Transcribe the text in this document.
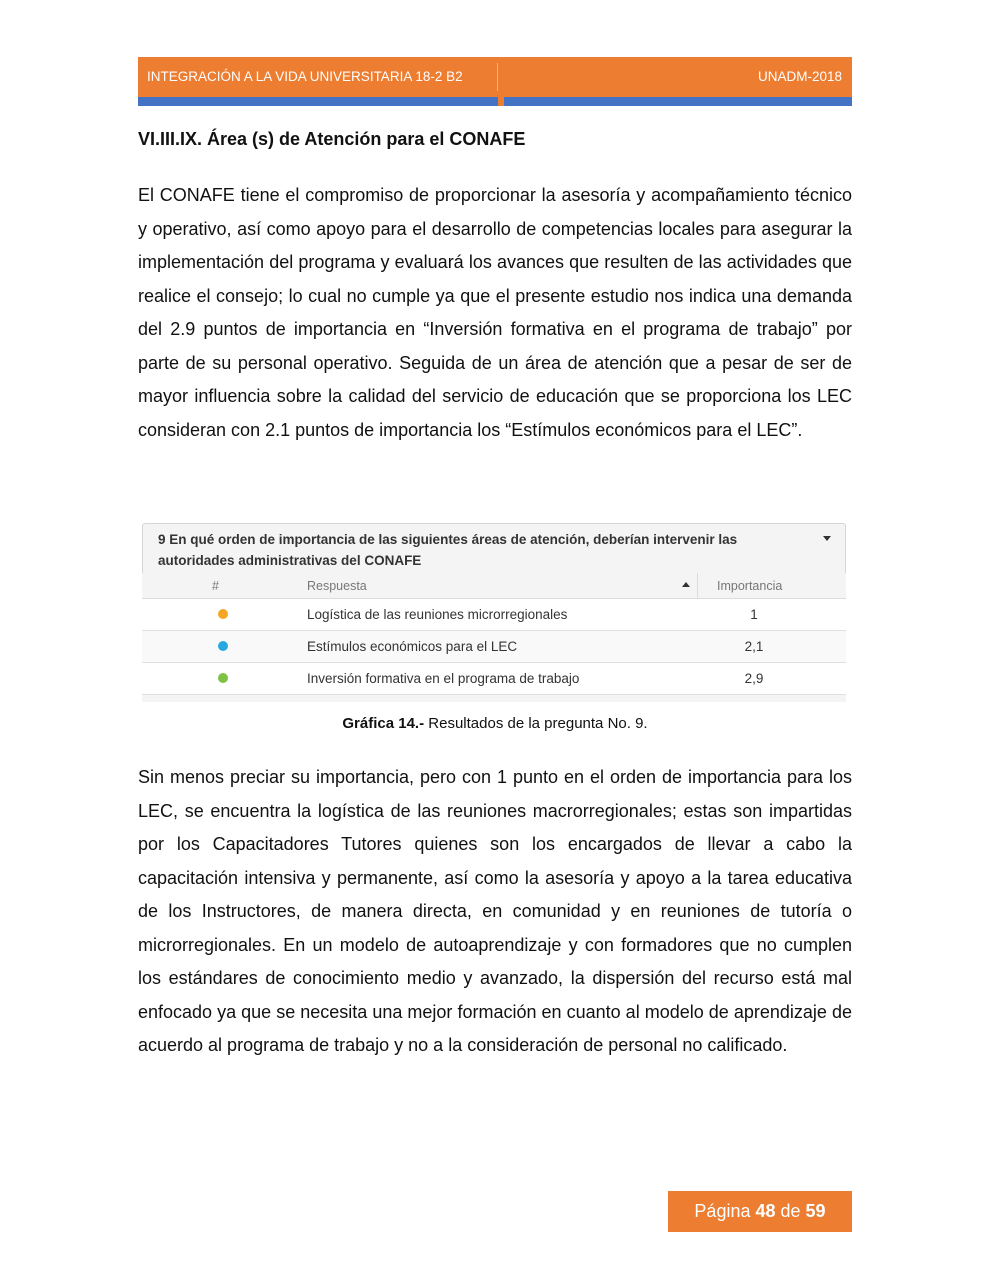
INTEGRACIÓN A LA VIDA UNIVERSITARIA 18-2 B2	UNADM-2018
VI.III.IX. Área (s) de Atención para el CONAFE

El CONAFE tiene el compromiso de proporcionar la asesoría y acompañamiento técnico y operativo, así como apoyo para el desarrollo de competencias locales para asegurar la implementación del programa y evaluará los avances que resulten de las actividades que realice el consejo; lo cual no cumple ya que el presente estudio nos indica una demanda del 2.9 puntos de importancia en “Inversión formativa en el programa de trabajo” por parte de su personal operativo. Seguida de un área de atención que a pesar de ser de mayor influencia sobre la calidad del servicio de educación que se proporciona los LEC consideran con 2.1 puntos de importancia los “Estímulos económicos para el LEC”.

9 En qué orden de importancia de las siguientes áreas de atención, deberían intervenir las autoridades administrativas del CONAFE
#	Respuesta	Importancia
Logística de las reuniones microrregionales	1
Estímulos económicos para el LEC	2,1
Inversión formativa en el programa de trabajo	2,9

Gráfica 14.- Resultados de la pregunta No. 9.

Sin menos preciar su importancia, pero con 1 punto en el orden de importancia para los LEC, se encuentra la logística de las reuniones macrorregionales; estas son impartidas por los Capacitadores Tutores quienes son los encargados de llevar a cabo la capacitación intensiva y permanente, así como la asesoría y apoyo a la tarea educativa de los Instructores, de manera directa, en comunidad y en reuniones de tutoría o microrregionales. En un modelo de autoaprendizaje y con formadores que no cumplen los estándares de conocimiento medio y avanzado, la dispersión del recurso está mal enfocado ya que se necesita una mejor formación en cuanto al modelo de aprendizaje de acuerdo al programa de trabajo y no a la consideración de personal no calificado.

Página 48 de 59
